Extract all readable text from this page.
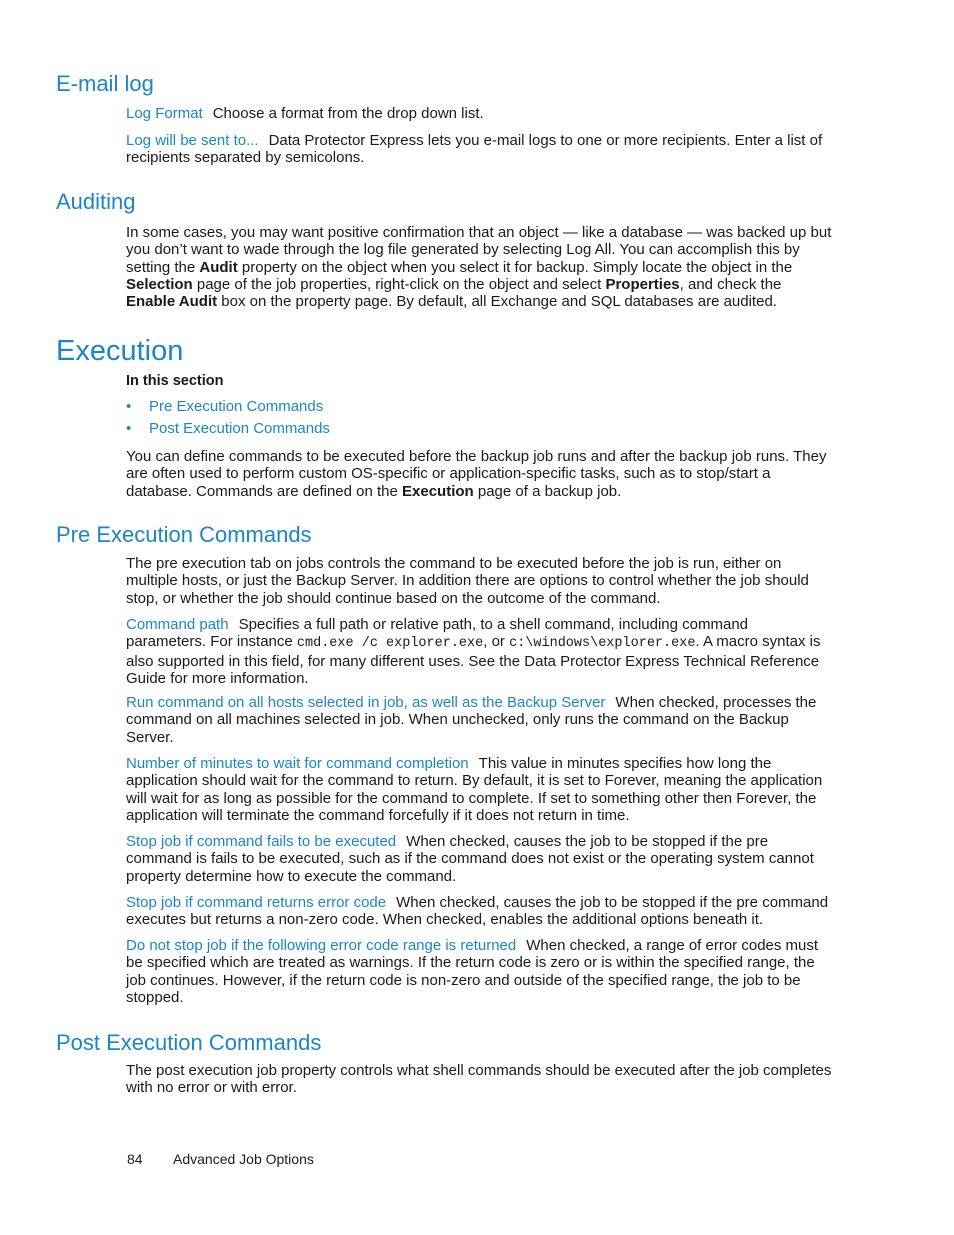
E-mail log

Log Format Choose a format from the drop down list.

Log will be sent to... Data Protector Express lets you e-mail logs to one or more recipients. Enter a list of recipients separated by semicolons.

Auditing

In some cases, you may want positive confirmation that an object — like a database — was backed up but you don’t want to wade through the log file generated by selecting Log All. You can accomplish this by setting the Audit property on the object when you select it for backup. Simply locate the object in the Selection page of the job properties, right-click on the object and select Properties, and check the Enable Audit box on the property page. By default, all Exchange and SQL databases are audited.

Execution

In this section

• Pre Execution Commands
• Post Execution Commands

You can define commands to be executed before the backup job runs and after the backup job runs. They are often used to perform custom OS-specific or application-specific tasks, such as to stop/start a database. Commands are defined on the Execution page of a backup job.

Pre Execution Commands

The pre execution tab on jobs controls the command to be executed before the job is run, either on multiple hosts, or just the Backup Server. In addition there are options to control whether the job should stop, or whether the job should continue based on the outcome of the command.

Command path Specifies a full path or relative path, to a shell command, including command parameters. For instance cmd.exe /c explorer.exe, or c:\windows\explorer.exe. A macro syntax is also supported in this field, for many different uses. See the Data Protector Express Technical Reference Guide for more information.

Run command on all hosts selected in job, as well as the Backup Server When checked, processes the command on all machines selected in job. When unchecked, only runs the command on the Backup Server.

Number of minutes to wait for command completion This value in minutes specifies how long the application should wait for the command to return. By default, it is set to Forever, meaning the application will wait for as long as possible for the command to complete. If set to something other then Forever, the application will terminate the command forcefully if it does not return in time.

Stop job if command fails to be executed When checked, causes the job to be stopped if the pre command is fails to be executed, such as if the command does not exist or the operating system cannot property determine how to execute the command.

Stop job if command returns error code When checked, causes the job to be stopped if the pre command executes but returns a non-zero code. When checked, enables the additional options beneath it.

Do not stop job if the following error code range is returned When checked, a range of error codes must be specified which are treated as warnings. If the return code is zero or is within the specified range, the job continues. However, if the return code is non-zero and outside of the specified range, the job to be stopped.

Post Execution Commands

The post execution job property controls what shell commands should be executed after the job completes with no error or with error.

84 Advanced Job Options
